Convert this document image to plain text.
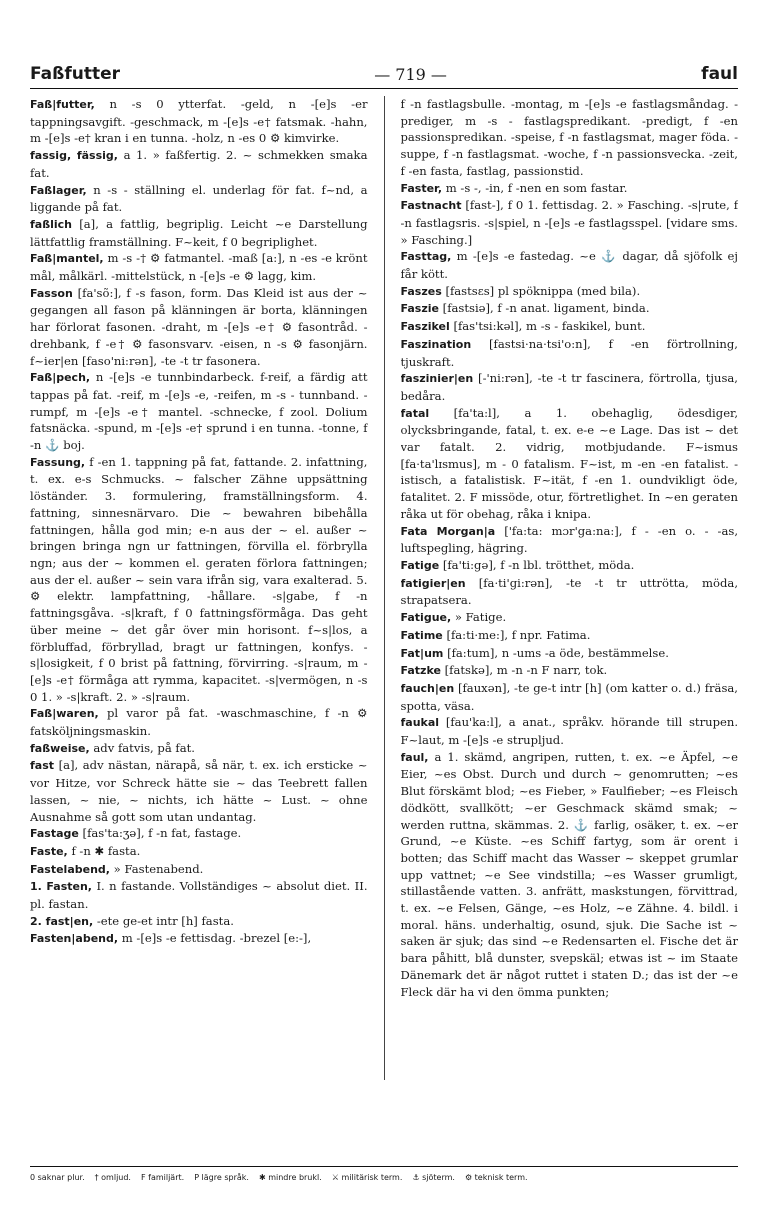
Faßfutter	— 719 —	faul

Faß|futter, n -s 0 ytterfat. -geld, n -[e]s -er tappningsavgift. -geschmack, m -[e]s -e† fatsmak. -hahn, m -[e]s -e† kran i en tunna. -holz, n -es 0 ⚙ kimvirke.

fassig, fässig, a 1. » faßfertig. 2. ~ schmekken smaka fat.

Faßlager, n -s - ställning el. underlag för fat. f~nd, a liggande på fat.

faßlich [a], a fattlig, begriplig. Leicht ~e Darstellung lättfattlig framställning. F~keit, f 0 begriplighet.

Faß|mantel, m -s -† ⚙ fatmantel. -maß [a:], n -es -e krönt mål, målkärl. -mittelstück, n -[e]s -e ⚙ lagg, kim.

Fasson [fa'sõ:], f -s fason, form. Das Kleid ist aus der ~ gegangen all fason på klänningen är borta, klänningen har förlorat fasonen. -draht, m -[e]s -e† ⚙ fasontråd. -drehbank, f -e† ⚙ fasonsvarv. -eisen, n -s ⚙ fasonjärn. f~ier|en [faso'ni:rən], -te -t tr fasonera.

Faß|pech, n -[e]s -e tunnbindarbeck. f-reif, a färdig att tappas på fat. -reif, m -[e]s -e, -reifen, m -s - tunnband. -rumpf, m -[e]s -e† mantel. -schnecke, f zool. Dolium fatsnäcka. -spund, m -[e]s -e† sprund i en tunna. -tonne, f -n ⚓ boj.

Fassung, f -en 1. tappning på fat, fattande. 2. infattning, t. ex. e-s Schmucks. ~ falscher Zähne uppsättning löständer. 3. formulering, framställningsform. 4. fattning, sinnesnärvaro. Die ~ bewahren bibehålla fattningen, hålla god min; e-n aus der ~ el. außer ~ bringen bringa ngn ur fattningen, förvilla el. förbrylla ngn; aus der ~ kommen el. geraten förlora fattningen; aus der el. außer ~ sein vara ifrån sig, vara exalterad. 5. ⚙ elektr. lampfattning, -hållare. -s|gabe, f -n fattningsgåva. -s|kraft, f 0 fattningsförmåga. Das geht über meine ~ det går över min horisont. f~s|los, a förbluffad, förbryllad, bragt ur fattningen, konfys. -s|losigkeit, f 0 brist på fattning, förvirring. -s|raum, m -[e]s -e† förmåga att rymma, kapacitet. -s|vermögen, n -s 0 1. » -s|kraft. 2. » -s|raum.

Faß|waren, pl varor på fat. -waschmaschine, f -n ⚙ fatsköljningsmaskin.

faßweise, adv fatvis, på fat.

fast [a], adv nästan, närapå, så när, t. ex. ich ersticke ~ vor Hitze, vor Schreck hätte sie ~ das Teebrett fallen lassen, ~ nie, ~ nichts, ich hätte ~ Lust. ~ ohne Ausnahme så gott som utan undantag.

Fastage [fas'ta:ʒə], f -n fat, fastage.

Faste, f -n ✱ fasta.

Fastelabend, » Fastenabend.

1. Fasten, I. n fastande. Vollständiges ~ absolut diet. II. pl. fastan.

2. fast|en, -ete ge-et intr [h] fasta.

Fasten|abend, m -[e]s -e fettisdag. -brezel [e:-],

f -n fastlagsbulle. -montag, m -[e]s -e fastlagsmåndag. -prediger, m -s - fastlagspredikant. -predigt, f -en passionspredikan. -speise, f -n fastlagsmat, mager föda. -suppe, f -n fastlagsmat. -woche, f -n passionsvecka. -zeit, f -en fasta, fastlag, passionstid.

Faster, m -s -, -in, f -nen en som fastar.

Fastnacht [fast-], f 0 1. fettisdag. 2. » Fasching. -s|rute, f -n fastlagsris. -s|spiel, n -[e]s -e fastlagsspel. [vidare sms. » Fasching.]

Fasttag, m -[e]s -e fastedag. ~e ⚓ dagar, då sjöfolk ej får kött.

Faszes [fastsɛs] pl spöknippa (med bila).

Faszie [fastsiə], f -n anat. ligament, binda.

Faszikel [fas'tsi:kəl], m -s - faskikel, bunt.

Faszination [fastsi·na·tsi'o:n], f -en förtrollning, tjuskraft.

faszinier|en [-'ni:rən], -te -t tr fascinera, förtrolla, tjusa, bedåra.

fatal [fa'ta:l], a 1. obehaglig, ödesdiger, olycksbringande, fatal, t. ex. e-e ~e Lage. Das ist ~ det var fatalt. 2. vidrig, motbjudande. F~ismus [fa·ta'lɪsmus], m - 0 fatalism. F~ist, m -en -en fatalist. -istisch, a fatalistisk. F~ität, f -en 1. oundvikligt öde, fatalitet. 2. F missöde, otur, förtretlighet. In ~en geraten råka ut för obehag, råka i knipa.

Fata Morgan|a ['fa:ta: mɔr'ga:na:], f - -en o. - -as, luftspegling, hägring.

Fatige [fa'ti:gə], f -n lbl. trötthet, möda.

fatigier|en [fa·ti'gi:rən], -te -t tr uttrötta, möda, strapatsera.

Fatigue, » Fatige.

Fatime [fa:ti·me:], f npr. Fatima.

Fat|um [fa:tum], n -ums -a öde, bestämmelse.

Fatzke [fatskə], m -n -n F narr, tok.

fauch|en [fauxən], -te ge-t intr [h] (om katter o. d.) fräsa, spotta, väsa.

faukal [fau'ka:l], a anat., språkv. hörande till strupen. F~laut, m -[e]s -e strupljud.

faul, a 1. skämd, angripen, rutten, t. ex. ~e Äpfel, ~e Eier, ~es Obst. Durch und durch ~ genomrutten; ~es Blut förskämt blod; ~es Fieber, » Faulfieber; ~es Fleisch dödkött, svallkött; ~er Geschmack skämd smak; ~ werden ruttna, skämmas. 2. ⚓ farlig, osäker, t. ex. ~er Grund, ~e Küste. ~es Schiff fartyg, som är orent i botten; das Schiff macht das Wasser ~ skeppet grumlar upp vattnet; ~e See vindstilla; ~es Wasser grumligt, stillastående vatten. 3. anfrätt, maskstungen, förvittrad, t. ex. ~e Felsen, Gänge, ~es Holz, ~e Zähne. 4. bildl. i moral. häns. underhaltig, osund, sjuk. Die Sache ist ~ saken är sjuk; das sind ~e Redensarten el. Fische det är bara påhitt, blå dunster, svepskäl; etwas ist ~ im Staate Dänemark det är något ruttet i staten D.; das ist der ~e Fleck där ha vi den ömma punkten;

0 saknar plur. † omljud. F familjärt. P lägre språk. ✱ mindre brukl. ⚔ militärisk term. ⚓ sjöterm. ⚙ teknisk term.
